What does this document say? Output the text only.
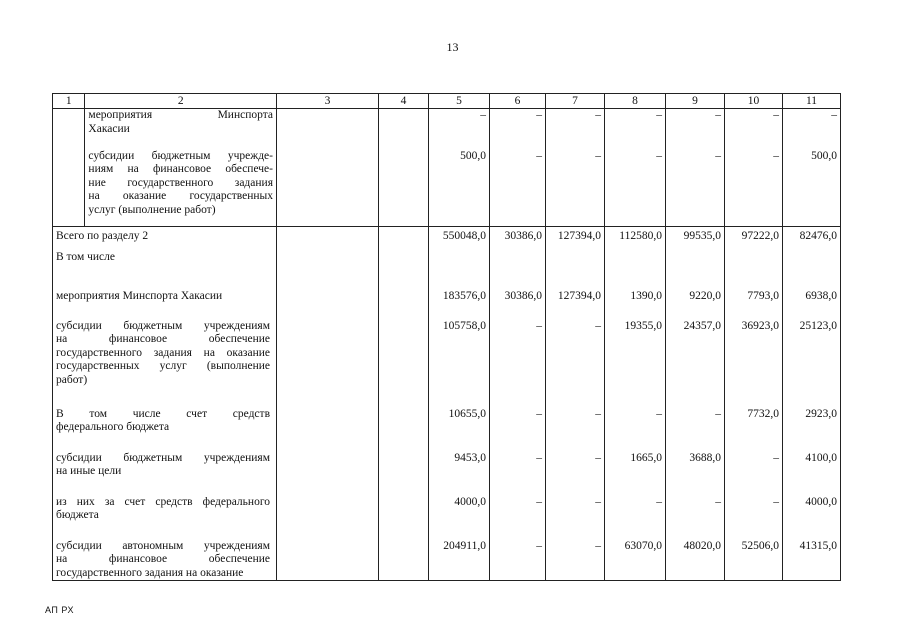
13
1	2	3	4	5	6	7	8	9	10	11

	мероприятия Минспорта
Хакасии			–	–	–	–	–	–	–

	субсидии бюджетным учрежде-
ниям на финансовое обеспече-
ние государственного задания
на оказание государственных
услуг (выполнение работ)			500,0	–	–	–	–	–	500,0

Всего по разделу 2				550048,0	30386,0	127394,0	112580,0	99535,0	97222,0	82476,0

В том числе										

мероприятия Минспорта Хакасии				183576,0	30386,0	127394,0	1390,0	9220,0	7793,0	6938,0

субсидии бюджетным учреждениям
на финансовое обеспечение
государственного задания на оказание
государственных услуг (выполнение
работ)				105758,0	–	–	19355,0	24357,0	36923,0	25123,0

В том числе счет средств
федерального бюджета				10655,0	–	–	–	–	7732,0	2923,0

субсидии бюджетным учреждениям
на иные цели				9453,0	–	–	1665,0	3688,0	–	4100,0

из них за счет средств федерального
бюджета				4000,0	–	–	–	–	–	4000,0

субсидии автономным учреждениям
на финансовое обеспечение
государственного задания на оказание				204911,0	–	–	63070,0	48020,0	52506,0	41315,0
АП РХ
